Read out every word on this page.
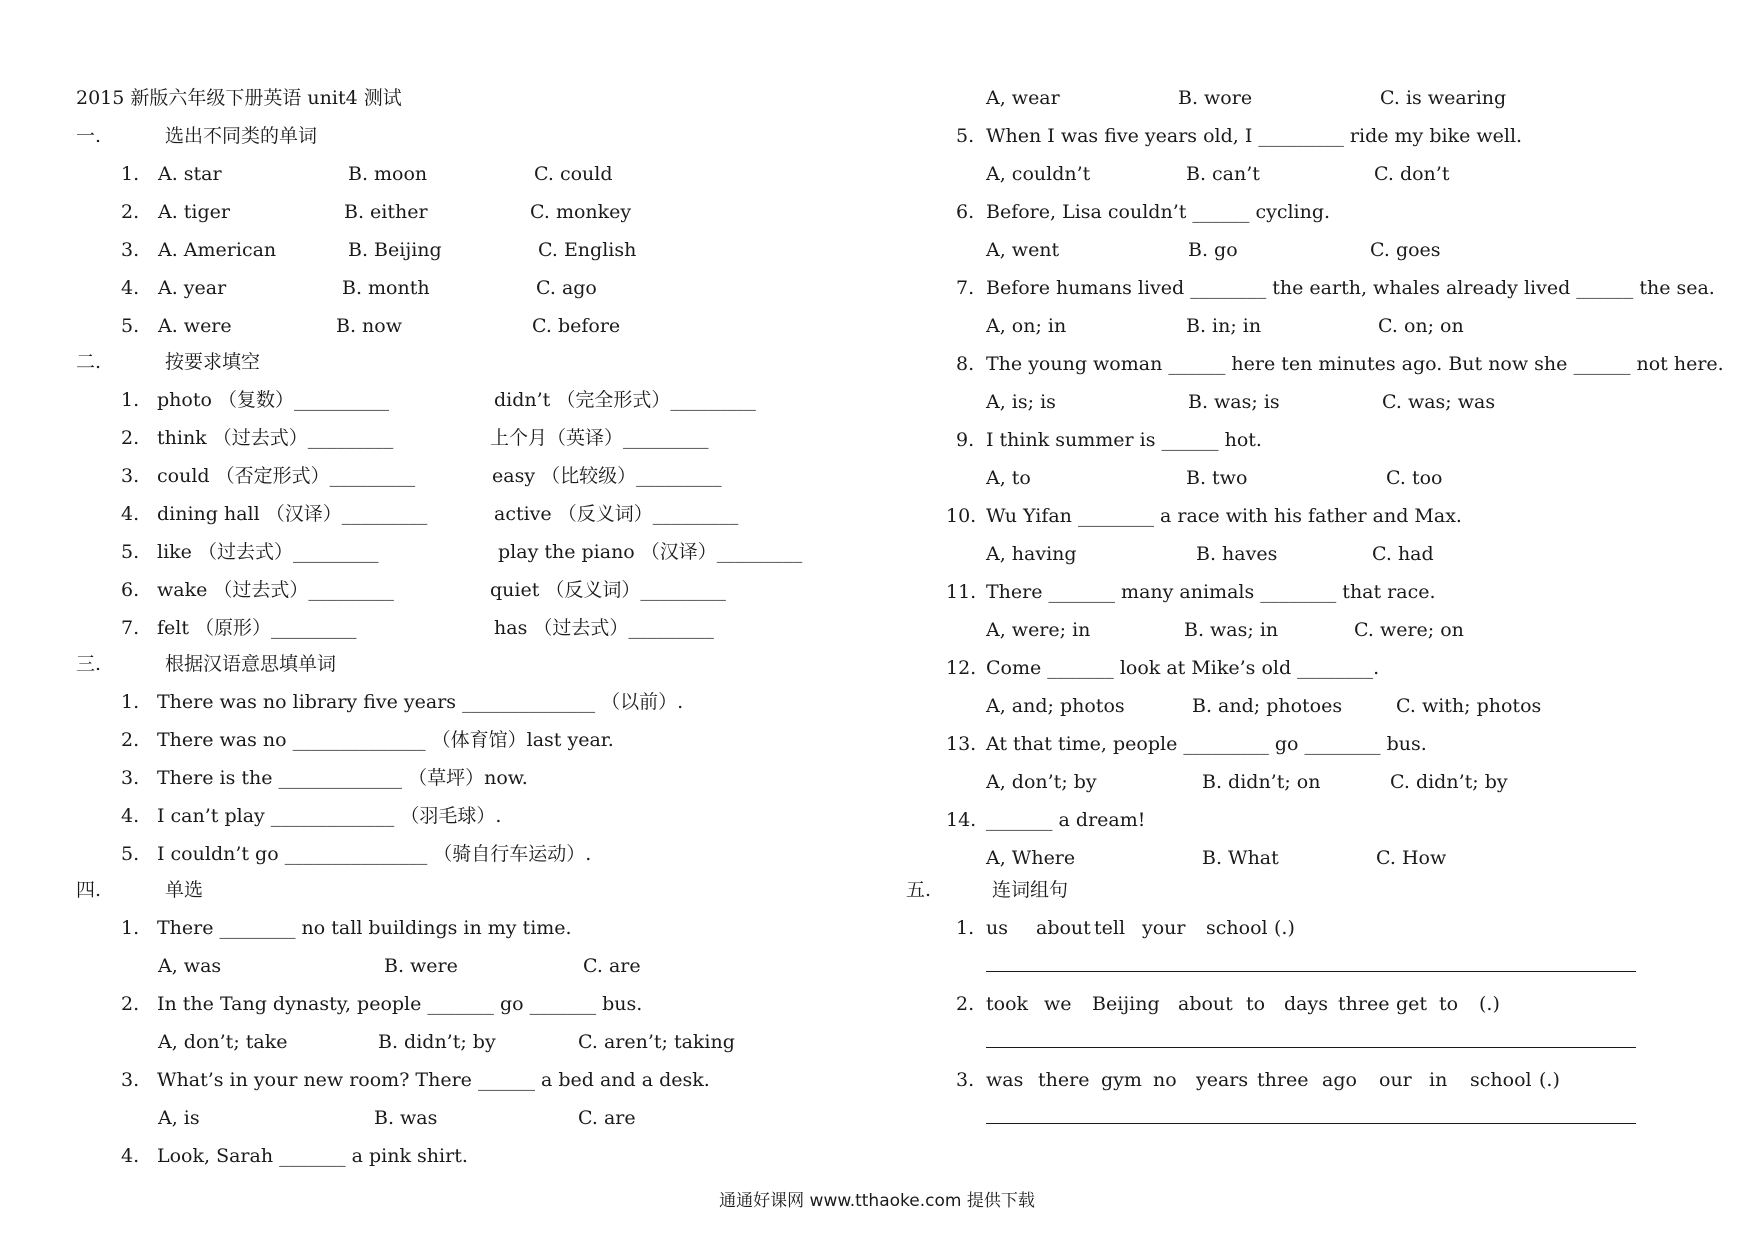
2015 新版六年级下册英语 unit4 测试
一.	选出不同类的单词
1. A. star	B. moon	C. could
2. A. tiger	B. either	C. monkey
3. A. American	B. Beijing	C. English
4. A. year	B. month	C. ago
5. A. were	B. now	C. before
二.	按要求填空
1. photo （复数）__________	didn’t （完全形式）_________
2. think （过去式）_________	上个月（英译）_________
3. could （否定形式）_________	easy （比较级）_________
4. dining hall （汉译）_________	active （反义词）_________
5. like （过去式）_________	play the piano （汉译）_________
6. wake （过去式）_________	quiet （反义词）_________
7. felt （原形）_________	has （过去式）_________
三.	根据汉语意思填单词
1. There was no library five years ______________ （以前）.
2. There was no ______________ （体育馆）last year.
3. There is the _____________ （草坪）now.
4. I can’t play _____________ （羽毛球）.
5. I couldn’t go _______________ （骑自行车运动）.
四.	单选
1. There ________ no tall buildings in my time.
A, was	B. were	C. are
2. In the Tang dynasty, people _______ go _______ bus.
A, don’t; take	B. didn’t; by	C. aren’t; taking
3. What’s in your new room? There ______ a bed and a desk.
A, is	B. was	C. are
4. Look, Sarah _______ a pink shirt.
A, wear	B. wore	C. is wearing
5. When I was five years old, I _________ ride my bike well.
A, couldn’t	B. can’t	C. don’t
6. Before, Lisa couldn’t ______ cycling.
A, went	B. go	C. goes
7. Before humans lived ________ the earth, whales already lived ______ the sea.
A, on; in	B. in; in	C. on; on
8. The young woman ______ here ten minutes ago. But now she ______ not here.
A, is; is	B. was; is	C. was; was
9. I think summer is ______ hot.
A, to	B. two	C. too
10. Wu Yifan ________ a race with his father and Max.
A, having	B. haves	C. had
11. There _______ many animals ________ that race.
A, were; in	B. was; in	C. were; on
12. Come _______ look at Mike’s old ________.
A, and; photos	B. and; photoes	C. with; photos
13. At that time, people _________ go ________ bus.
A, don’t; by	B. didn’t; on	C. didn’t; by
14. _______ a dream!
A, Where	B. What	C. How
五.	连词组句
1. us about tell your school (.)
2. took we Beijing about to days three get to (.)
3. was there gym no years three ago our in school (.)
通通好课网 www.tthaoke.com 提供下载
